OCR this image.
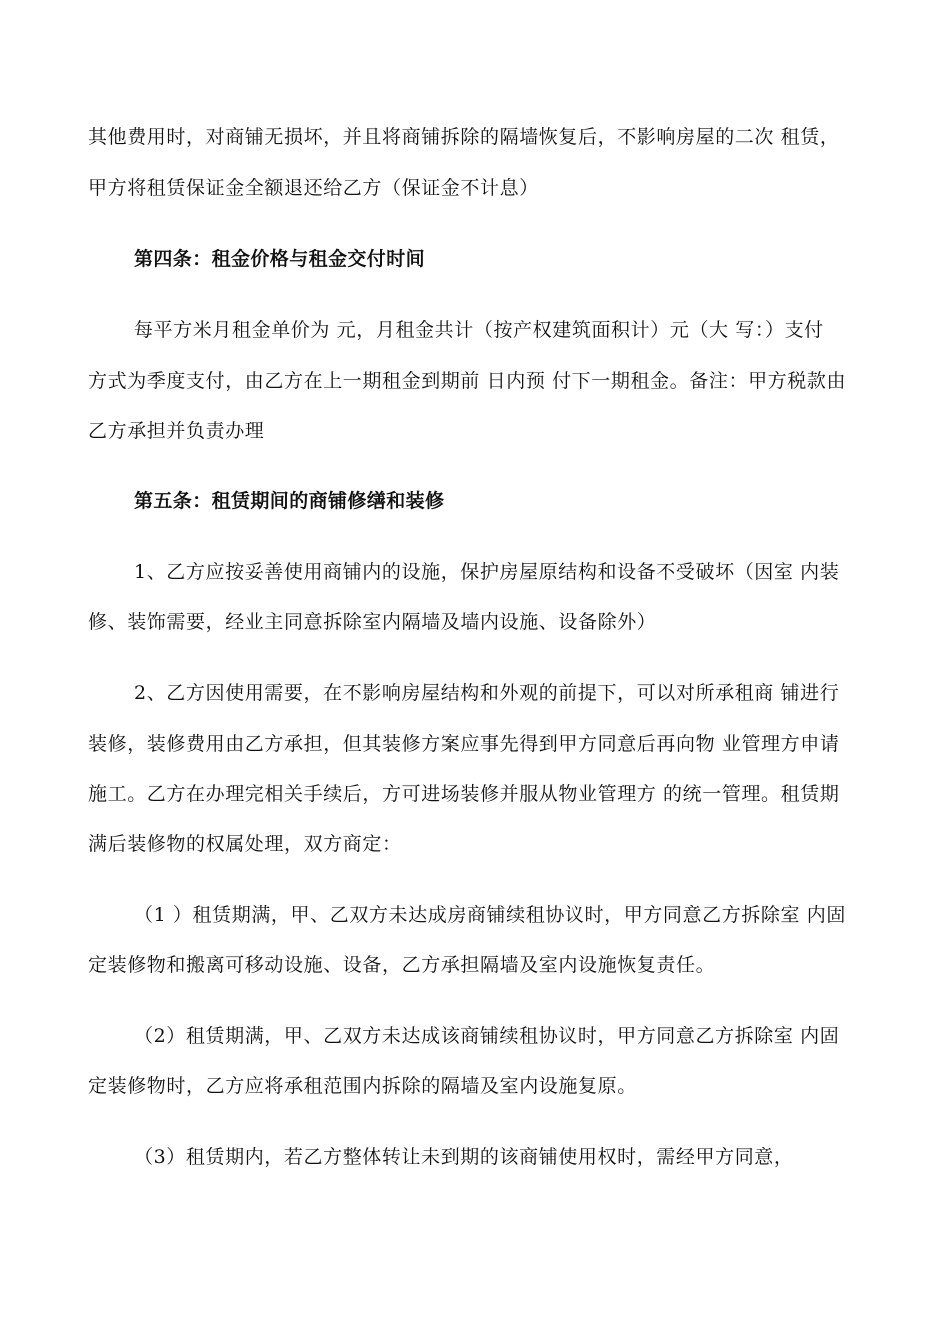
其他费用时，对商铺无损坏，并且将商铺拆除的隔墙恢复后，不影响房屋的二次 租赁，
甲方将租赁保证金全额退还给乙方（保证金不计息）
第四条：租金价格与租金交付时间
每平方米月租金单价为 元，月租金共计（按产权建筑面积计）元（大 写：）支付
方式为季度支付，由乙方在上一期租金到期前 日内预 付下一期租金。备注：甲方税款由
乙方承担并负责办理
第五条：租赁期间的商铺修缮和装修
1、乙方应按妥善使用商铺内的设施，保护房屋原结构和设备不受破坏（因室 内装
修、装饰需要，经业主同意拆除室内隔墙及墙内设施、设备除外）
2、乙方因使用需要，在不影响房屋结构和外观的前提下，可以对所承租商 铺进行
装修，装修费用由乙方承担，但其装修方案应事先得到甲方同意后再向物 业管理方申请
施工。乙方在办理完相关手续后，方可进场装修并服从物业管理方 的统一管理。租赁期
满后装修物的权属处理，双方商定：
（1 ）租赁期满，甲、乙双方未达成房商铺续租协议时，甲方同意乙方拆除室 内固
定装修物和搬离可移动设施、设备，乙方承担隔墙及室内设施恢复责任。
（2）租赁期满，甲、乙双方未达成该商铺续租协议时，甲方同意乙方拆除室 内固
定装修物时，乙方应将承租范围内拆除的隔墙及室内设施复原。
（3）租赁期内，若乙方整体转让未到期的该商铺使用权时，需经甲方同意，
